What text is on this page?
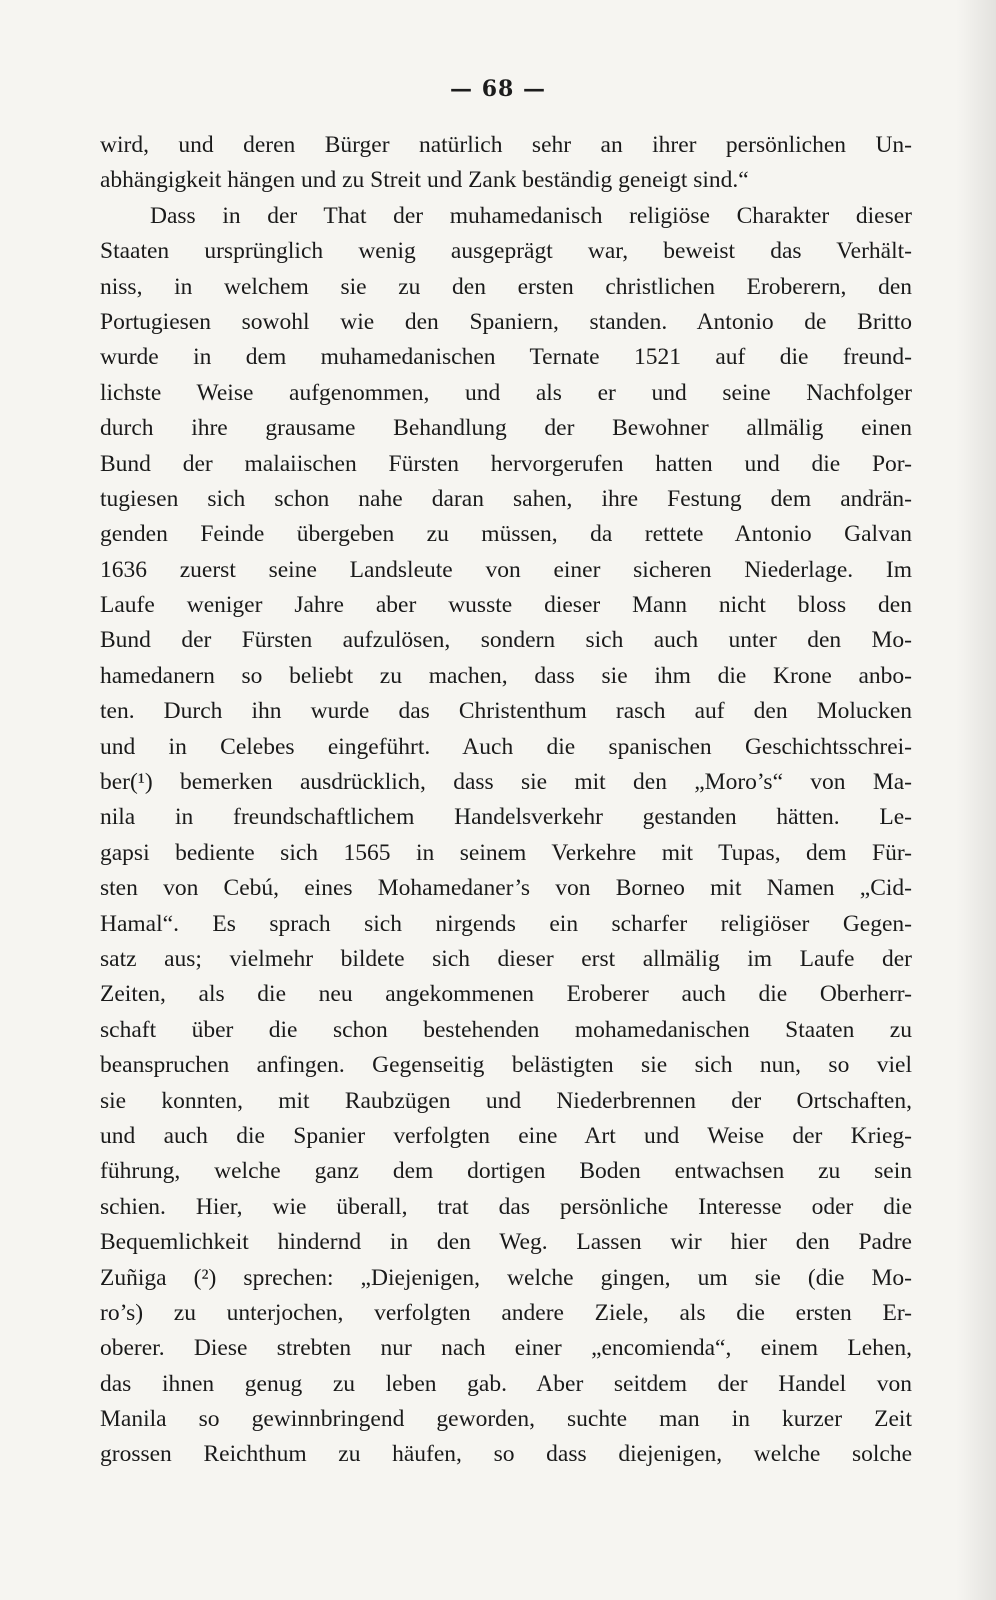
— 68 —
wird, und deren Bürger natürlich sehr an ihrer persönlichen Un-
abhängigkeit hängen und zu Streit und Zank beständig geneigt sind.“
Dass in der That der muhamedanisch religiöse Charakter dieser
Staaten ursprünglich wenig ausgeprägt war, beweist das Verhält-
niss, in welchem sie zu den ersten christlichen Eroberern, den
Portugiesen sowohl wie den Spaniern, standen. Antonio de Britto
wurde in dem muhamedanischen Ternate 1521 auf die freund-
lichste Weise aufgenommen, und als er und seine Nachfolger
durch ihre grausame Behandlung der Bewohner allmälig einen
Bund der malaiischen Fürsten hervorgerufen hatten und die Por-
tugiesen sich schon nahe daran sahen, ihre Festung dem andrän-
genden Feinde übergeben zu müssen, da rettete Antonio Galvan
1636 zuerst seine Landsleute von einer sicheren Niederlage. Im
Laufe weniger Jahre aber wusste dieser Mann nicht bloss den
Bund der Fürsten aufzulösen, sondern sich auch unter den Mo-
hamedanern so beliebt zu machen, dass sie ihm die Krone anbo-
ten. Durch ihn wurde das Christenthum rasch auf den Molucken
und in Celebes eingeführt. Auch die spanischen Geschichtsschrei-
ber(¹) bemerken ausdrücklich, dass sie mit den „Moro’s“ von Ma-
nila in freundschaftlichem Handelsverkehr gestanden hätten. Le-
gapsi bediente sich 1565 in seinem Verkehre mit Tupas, dem Für-
sten von Cebú, eines Mohamedaner’s von Borneo mit Namen „Cid-
Hamal“. Es sprach sich nirgends ein scharfer religiöser Gegen-
satz aus; vielmehr bildete sich dieser erst allmälig im Laufe der
Zeiten, als die neu angekommenen Eroberer auch die Oberherr-
schaft über die schon bestehenden mohamedanischen Staaten zu
beanspruchen anfingen. Gegenseitig belästigten sie sich nun, so viel
sie konnten, mit Raubzügen und Niederbrennen der Ortschaften,
und auch die Spanier verfolgten eine Art und Weise der Krieg-
führung, welche ganz dem dortigen Boden entwachsen zu sein
schien. Hier, wie überall, trat das persönliche Interesse oder die
Bequemlichkeit hindernd in den Weg. Lassen wir hier den Padre
Zuñiga (²) sprechen: „Diejenigen, welche gingen, um sie (die Mo-
ro’s) zu unterjochen, verfolgten andere Ziele, als die ersten Er-
oberer. Diese strebten nur nach einer „encomienda“, einem Lehen,
das ihnen genug zu leben gab. Aber seitdem der Handel von
Manila so gewinnbringend geworden, suchte man in kurzer Zeit
grossen Reichthum zu häufen, so dass diejenigen, welche solche
